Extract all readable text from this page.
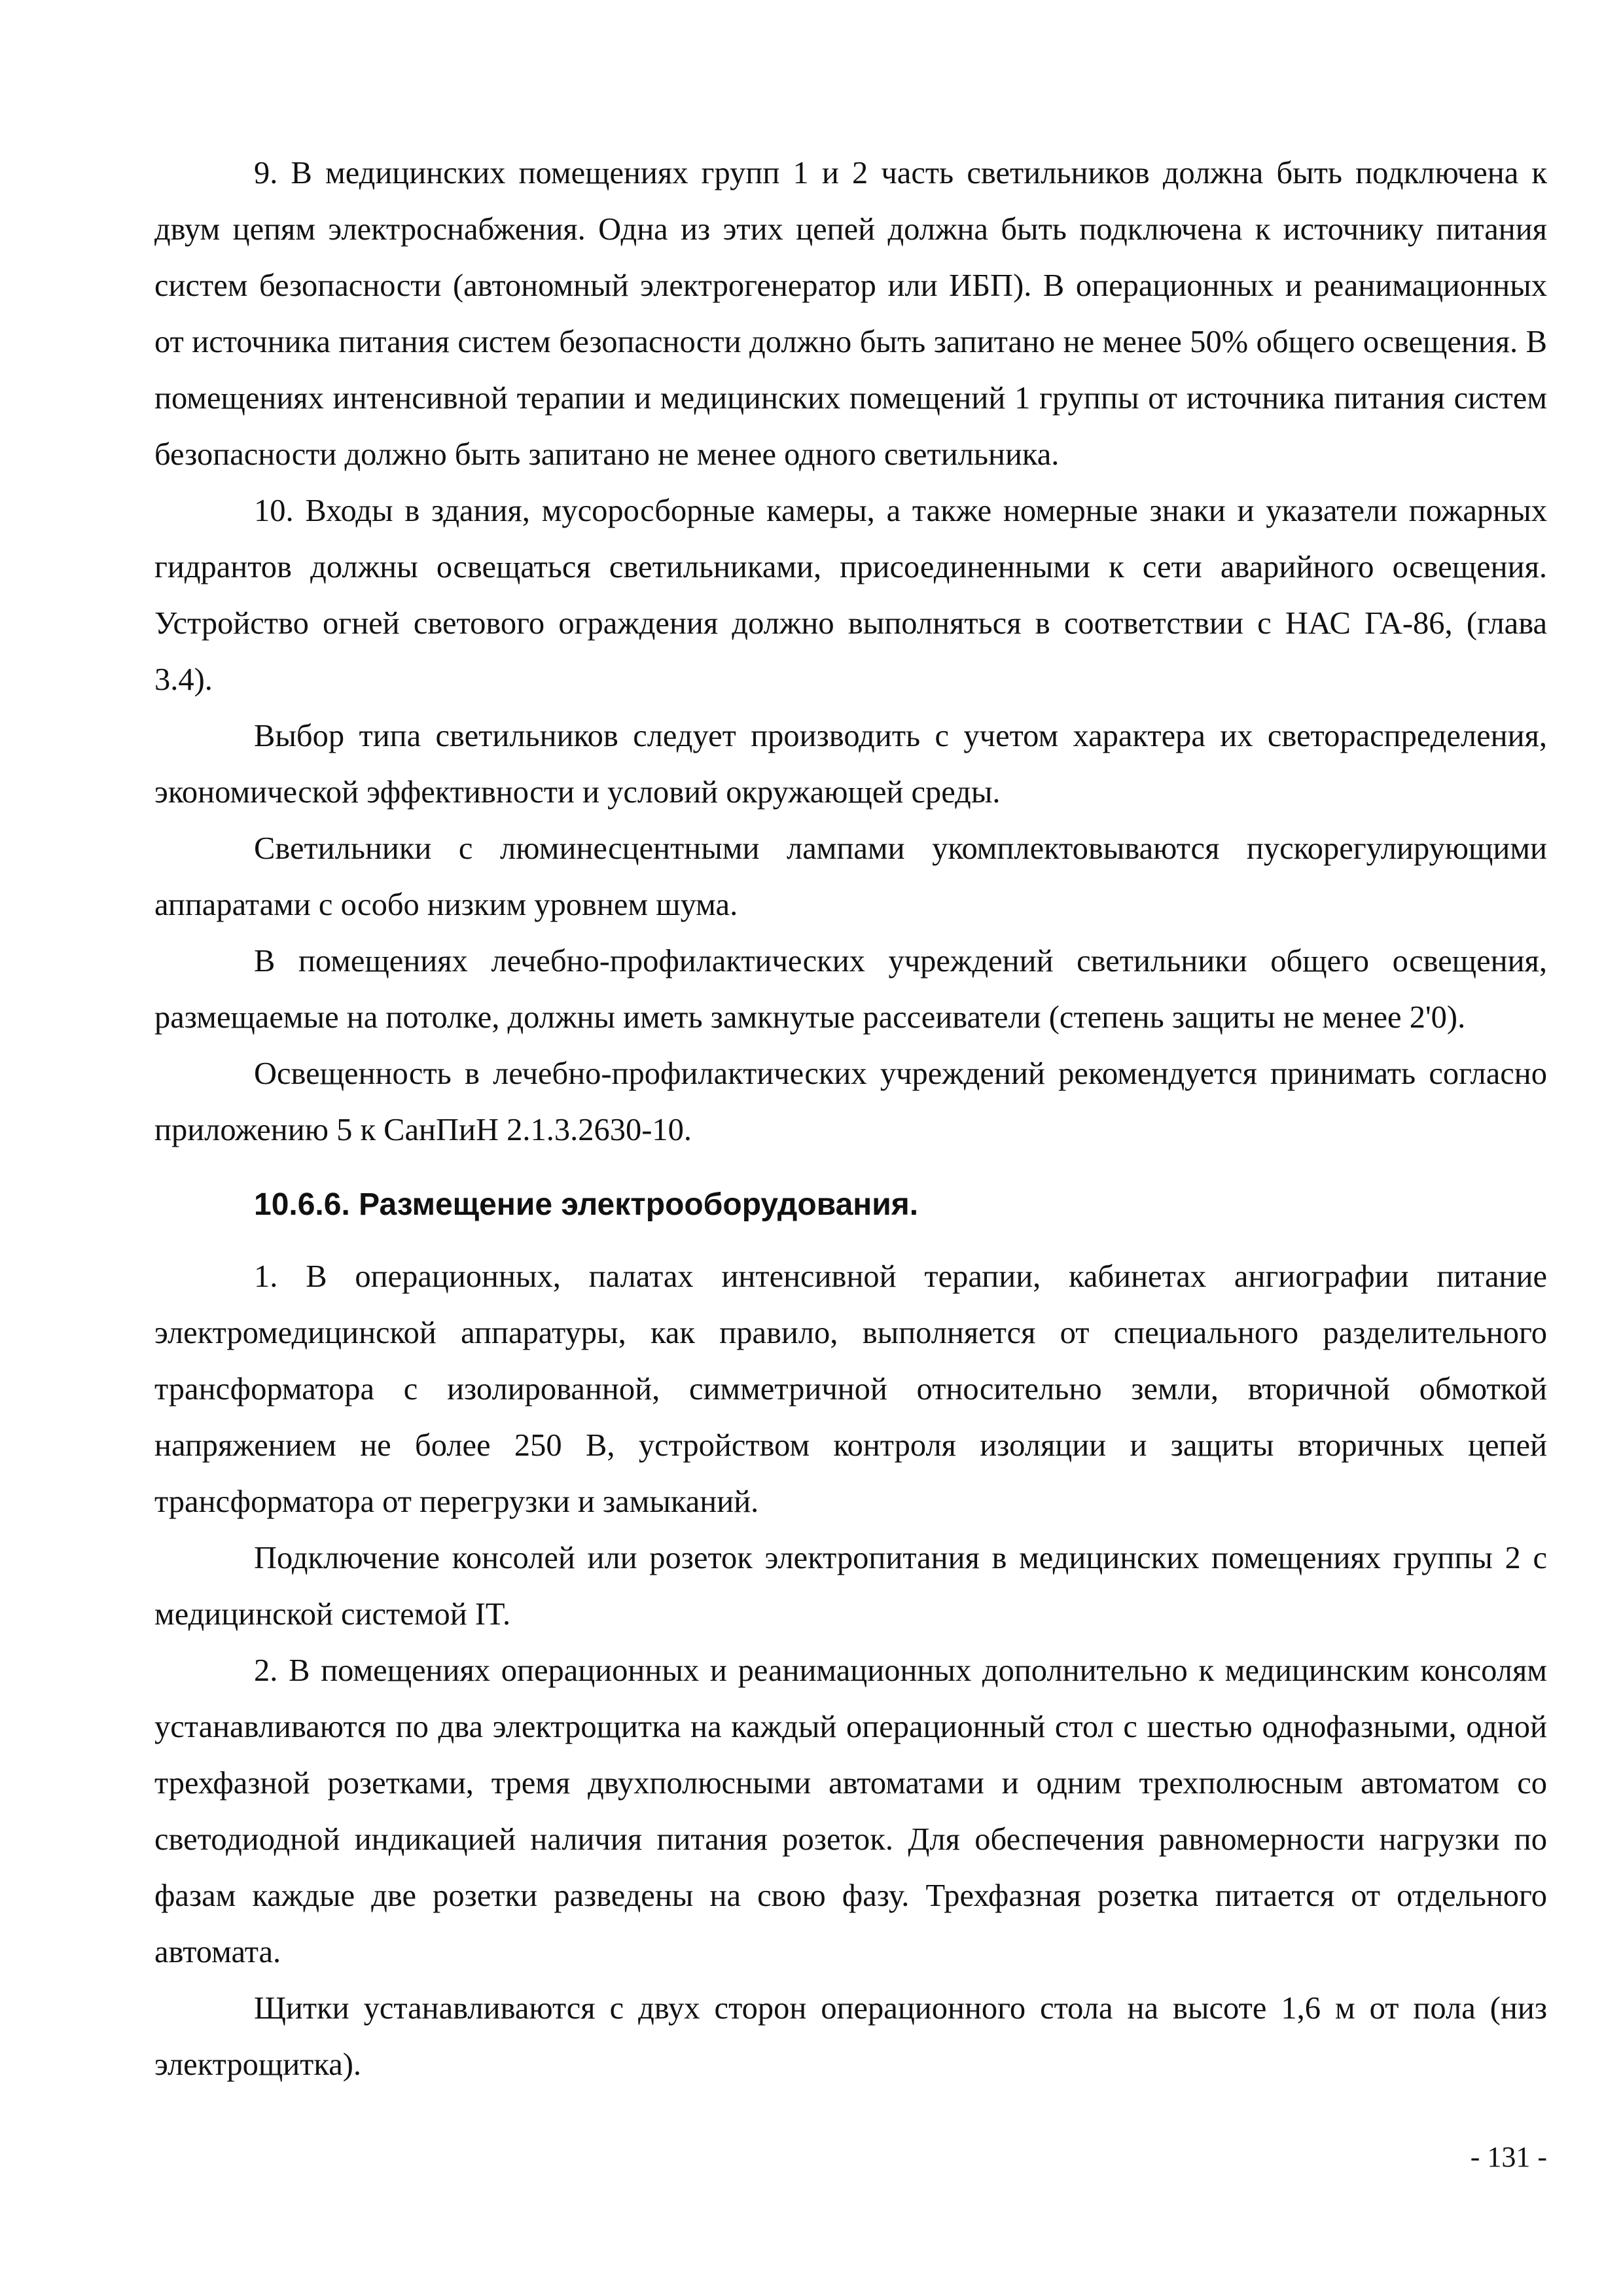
9. В медицинских помещениях групп 1 и 2 часть светильников должна быть подключена к двум цепям электроснабжения. Одна из этих цепей должна быть подключена к источнику питания систем безопасности (автономный электрогенератор или ИБП). В операционных и реанимационных от источника питания систем безопасности должно быть запитано не менее 50% общего освещения. В помещениях интенсивной терапии и медицинских помещений 1 группы от источника питания систем безопасности должно быть запитано не менее одного светильника.

10. Входы в здания, мусоросборные камеры, а также номерные знаки и указатели пожарных гидрантов должны освещаться светильниками, присоединенными к сети аварийного освещения. Устройство огней светового ограждения должно выполняться в соответствии с НАС ГА-86, (глава 3.4).

Выбор типа светильников следует производить с учетом характера их светораспределения, экономической эффективности и условий окружающей среды.

Светильники с люминесцентными лампами укомплектовываются пускорегулирующими аппаратами с особо низким уровнем шума.

В помещениях лечебно-профилактических учреждений светильники общего освещения, размещаемые на потолке, должны иметь замкнутые рассеиватели (степень защиты не менее 2'0).

Освещенность в лечебно-профилактических учреждений рекомендуется принимать согласно приложению 5 к СанПиН 2.1.3.2630-10.

10.6.6. Размещение электрооборудования.

1. В операционных, палатах интенсивной терапии, кабинетах ангиографии питание электромедицинской аппаратуры, как правило, выполняется от специального разделительного трансформатора с изолированной, симметричной относительно земли, вторичной обмоткой напряжением не более 250 В, устройством контроля изоляции и защиты вторичных цепей трансформатора от перегрузки и замыканий.

Подключение консолей или розеток электропитания в медицинских помещениях группы 2 с медицинской системой IT.

2. В помещениях операционных и реанимационных дополнительно к медицинским консолям устанавливаются по два электрощитка на каждый операционный стол с шестью однофазными, одной трехфазной розетками, тремя двухполюсными автоматами и одним трехполюсным автоматом со светодиодной индикацией наличия питания розеток. Для обеспечения равномерности нагрузки по фазам каждые две розетки разведены на свою фазу. Трехфазная розетка питается от отдельного автомата.

Щитки устанавливаются с двух сторон операционного стола на высоте 1,6 м от пола (низ электрощитка).

- 131 -
